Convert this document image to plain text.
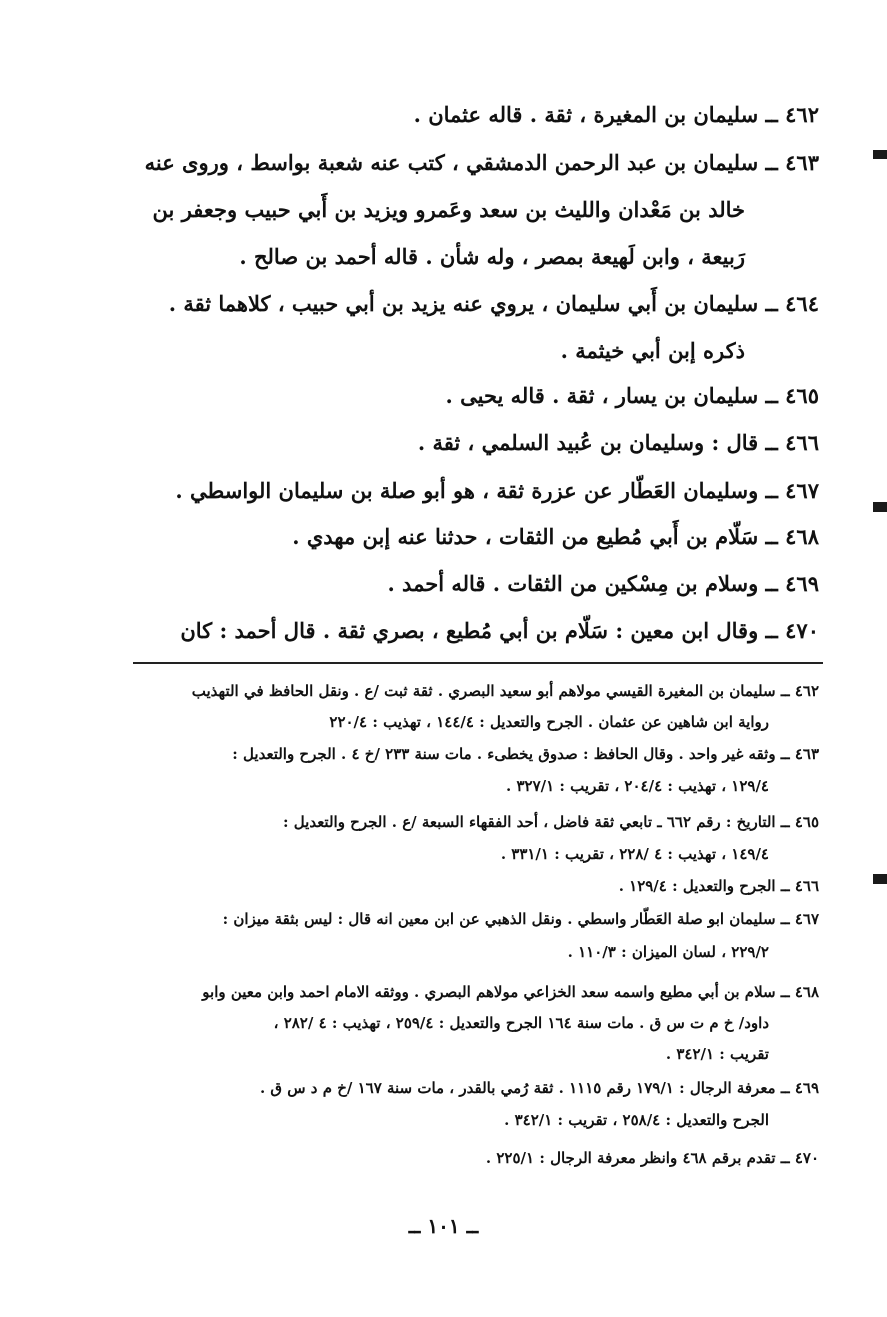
٤٦٢ ــ سليمان بن المغيرة ، ثقة . قاله عثمان .
٤٦٣ ــ سليمان بن عبد الرحمن الدمشقي ، كتب عنه شعبة بواسط ، وروى عنه
خالد بن مَعْدان والليث بن سعد وعَمرو ويزيد بن أَبي حبيب وجعفر بن
رَبيعة ، وابن لَهيعة بمصر ، وله شأن . قاله أحمد بن صالح .
٤٦٤ ــ سليمان بن أَبي سليمان ، يروي عنه يزيد بن أبي حبيب ، كلاهما ثقة .
ذكره إبن أبي خيثمة .
٤٦٥ ــ سليمان بن يسار ، ثقة . قاله يحيى .
٤٦٦ ــ قال : وسليمان بن عُبيد السلمي ، ثقة .
٤٦٧ ــ وسليمان العَطّار عن عزرة ثقة ، هو أبو صلة بن سليمان الواسطي .
٤٦٨ ــ سَلّام بن أَبي مُطيع من الثقات ، حدثنا عنه إبن مهدي .
٤٦٩ ــ وسلام بن مِسْكين من الثقات . قاله أحمد .
٤٧٠ ــ وقال ابن معين : سَلّام بن أبي مُطيع ، بصري ثقة . قال أحمد : كان
٤٦٢ ــ سليمان بن المغيرة القيسي مولاهم أبو سعيد البصري . ثقة ثبت /ع . ونقل الحافظ في التهذيب
رواية ابن شاهين عن عثمان . الجرح والتعديل : ١٤٤/٤ ، تهذيب : ٢٢٠/٤
٤٦٣ ــ وثقه غير واحد . وقال الحافظ : صدوق يخطىء . مات سنة ٢٣٣ /خ ٤ . الجرح والتعديل :
١٢٩/٤ ، تهذيب : ٢٠٤/٤ ، تقريب : ٣٢٧/١ .
٤٦٥ ــ التاريخ : رقم ٦٦٢ ـ تابعي ثقة فاضل ، أحد الفقهاء السبعة /ع . الجرح والتعديل :
١٤٩/٤ ، تهذيب : ٤ /٢٢٨ ، تقريب : ٣٣١/١ .
٤٦٦ ــ الجرح والتعديل : ١٢٩/٤ .
٤٦٧ ــ سليمان ابو صلة العَطّار واسطي . ونقل الذهبي عن ابن معين انه قال : ليس بثقة ميزان :
٢٢٩/٢ ، لسان الميزان : ١١٠/٣ .
٤٦٨ ــ سلام بن أبي مطيع واسمه سعد الخزاعي مولاهم البصري . ووثقه الامام احمد وابن معين وابو
داود/ خ م ت س ق . مات سنة ١٦٤ الجرح والتعديل : ٢٥٩/٤ ، تهذيب : ٤ /٢٨٢ ،
تقريب : ٣٤٢/١ .
٤٦٩ ــ معرفة الرجال : ١٧٩/١ رقم ١١١٥ . ثقة رُمي بالقدر ، مات سنة ١٦٧ /خ م د س ق .
الجرح والتعديل : ٢٥٨/٤ ، تقريب : ٣٤٢/١ .
٤٧٠ ــ تقدم برقم ٤٦٨ وانظر معرفة الرجال : ٢٢٥/١ .
ــ ١٠١ ــ
